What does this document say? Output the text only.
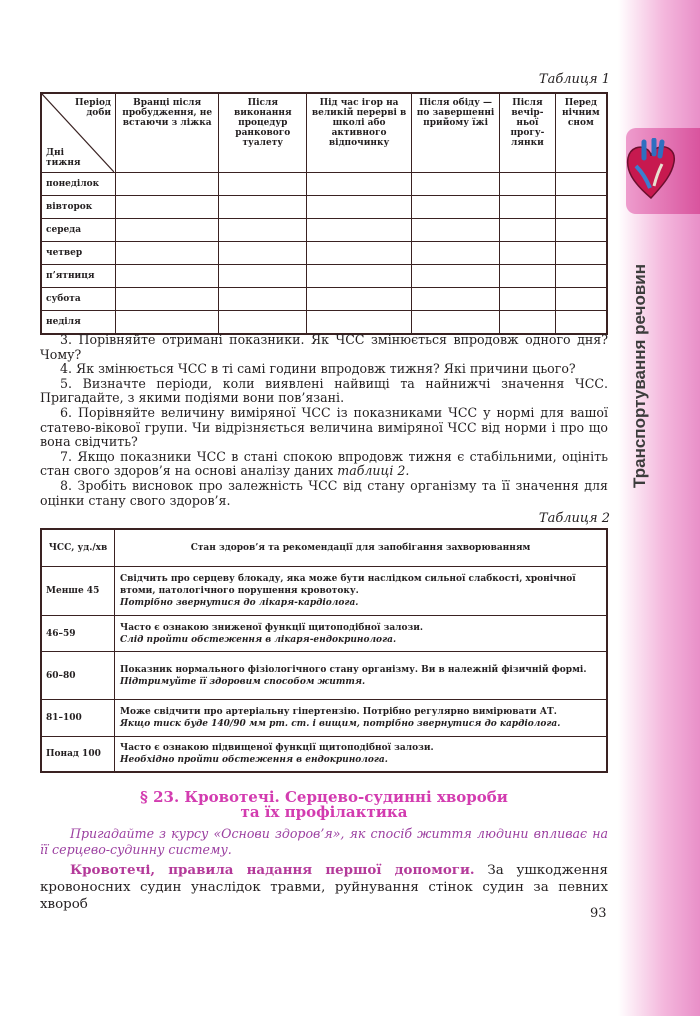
Транспортування речовин
Таблиця 1
Період
доби
Дні
тижня	Вранці після пробудження, не встаючи з ліжка	Після виконання процедур ранкового туалету	Під час ігор на великій перерві в школі або активного відпочинку	Після обіду — по завершенні прийому їжі	Після вечір-ньої прогу-лянки	Перед нічним сном
понеділок						
вівторок						
середа						
четвер						
п’ятниця						
субота						
неділя						

3. Порівняйте отримані показники. Як ЧСС змінюється впродовж одного дня? Чому?

4. Як змінюється ЧСС в ті самі години впродовж тижня? Які причини цього?

5. Визначте періоди, коли виявлені найвищі та найнижчі значення ЧСС. Пригадайте, з якими подіями вони пов’язані.

6. Порівняйте величину виміряної ЧСС із показниками ЧСС у нормі для вашої статево-вікової групи. Чи відрізняється величина виміряної ЧСС від норми і про що вона свідчить?

7. Якщо показники ЧСС в стані спокою впродовж тижня є стабільними, оцініть стан свого здоров’я на основі аналізу даних таблиці 2.

8. Зробіть висновок про залежність ЧСС від стану організму та її значення для оцінки стану свого здоров’я.

Таблиця 2
ЧСС, уд./хв	Стан здоров’я та рекомендації для запобігання захворюванням
Менше 45	Свідчить про серцеву блокаду, яка може бути наслідком сильної слабкості, хронічної втоми, патологічного порушення кровотоку.
Потрібно звернутися до лікаря-кардіолога.

46–59	Часто є ознакою зниженої функції щитоподібної залози.
Слід пройти обстеження в лікаря-ендокринолога.

60–80	Показник нормального фізіологічного стану організму. Ви в належній фізичній формі.
Підтримуйте її здоровим способом життя.

81–100	Може свідчити про артеріальну гіпертензію. Потрібно регулярно вимірювати АТ.
Якщо тиск буде 140/90 мм рт. ст. і вищим, потрібно звернутися до кардіолога.

Понад 100	Часто є ознакою підвищеної функції щитоподібної залози.
Необхідно пройти обстеження в ендокринолога.
§ 23. Кровотечі. Серцево-судинні хвороби
та їх профілактика
Пригадайте з курсу «Основи здоров’я», як спосіб життя людини впливає на її серцево-судинну систему.
Кровотечі, правила надання першої допомоги. За ушкодження кровоносних судин унаслідок травми, руйнування стінок судин за певних хвороб
93
